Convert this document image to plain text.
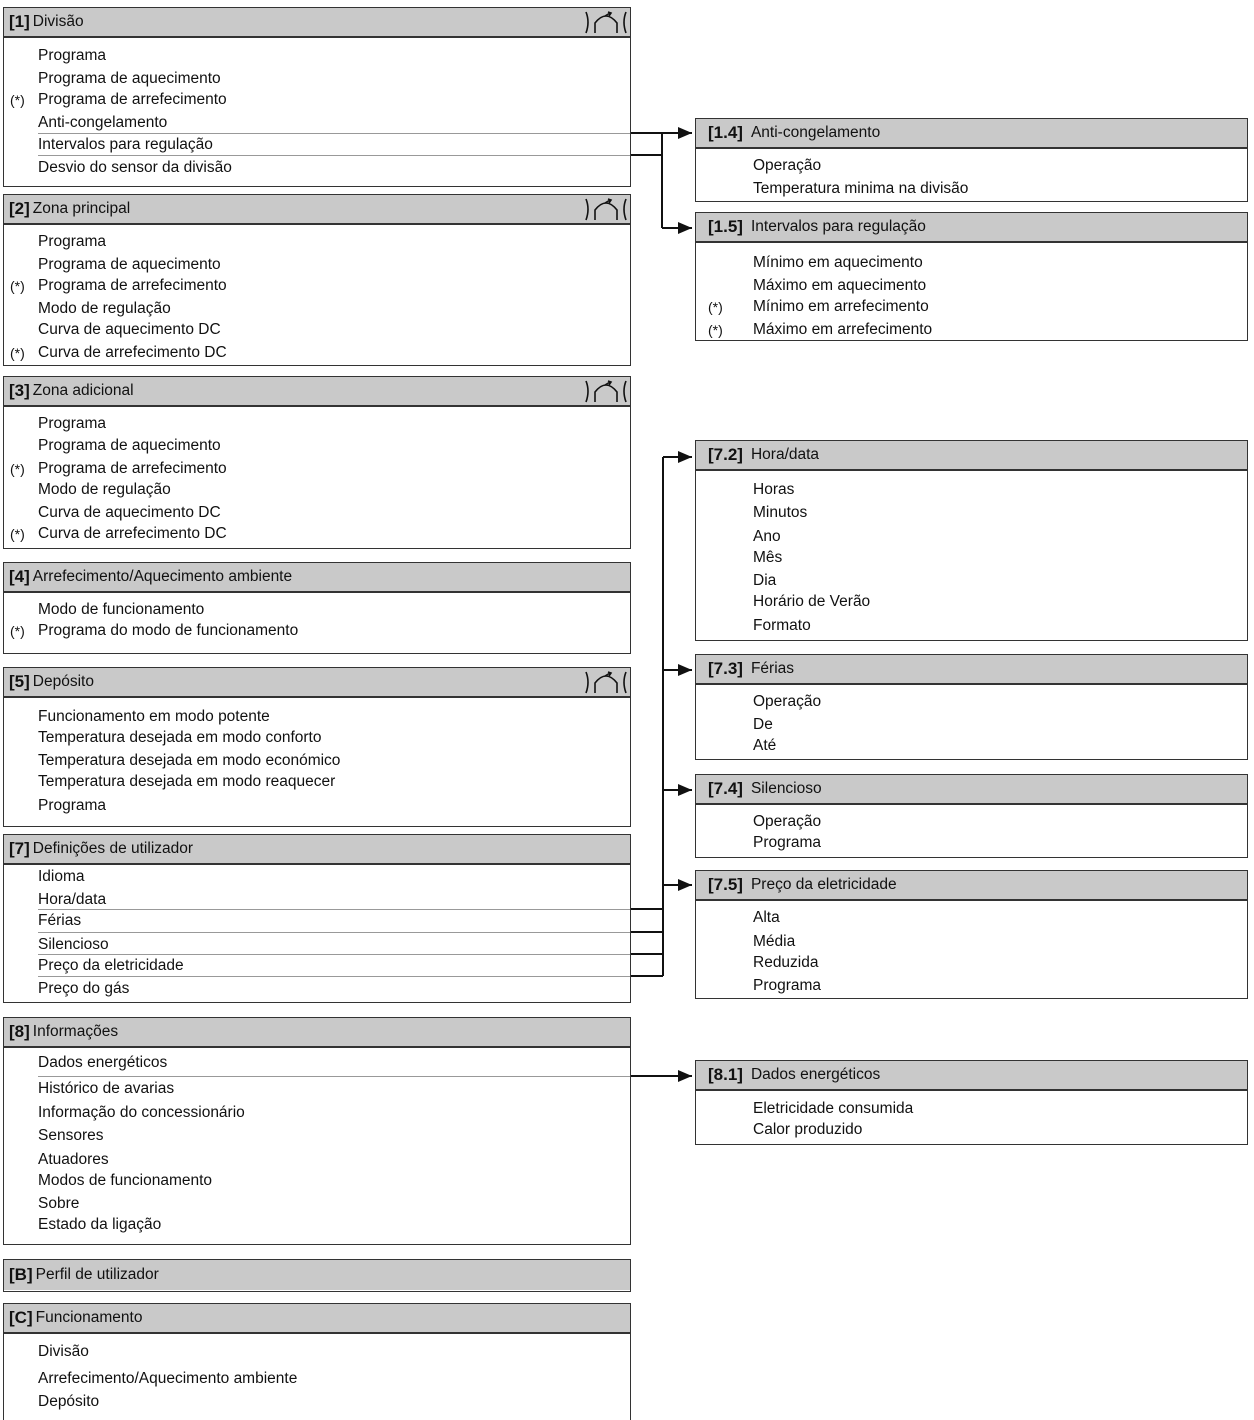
[1] Divisão
Programa
Programa de aquecimento
(*) Programa de arrefecimento
Anti-congelamento
Intervalos para regulação
Desvio do sensor da divisão
[2] Zona principal
Programa
Programa de aquecimento
(*) Programa de arrefecimento
Modo de regulação
Curva de aquecimento DC
(*) Curva de arrefecimento DC
[3] Zona adicional
Programa
Programa de aquecimento
(*) Programa de arrefecimento
Modo de regulação
Curva de aquecimento DC
(*) Curva de arrefecimento DC
[4] Arrefecimento/Aquecimento ambiente
Modo de funcionamento
(*) Programa do modo de funcionamento
[5] Depósito
Funcionamento em modo potente
Temperatura desejada em modo conforto
Temperatura desejada em modo económico
Temperatura desejada em modo reaquecer
Programa
[7] Definições de utilizador
Idioma
Hora/data
Férias
Silencioso
Preço da eletricidade
Preço do gás
[8] Informações
Dados energéticos
Histórico de avarias
Informação do concessionário
Sensores
Atuadores
Modos de funcionamento
Sobre
Estado da ligação
[B] Perfil de utilizador
[C] Funcionamento
Divisão
Arrefecimento/Aquecimento ambiente
Depósito
[1.4] Anti-congelamento
Operação
Temperatura minima na divisão
[1.5] Intervalos para regulação
Mínimo em aquecimento
Máximo em aquecimento
(*) Mínimo em arrefecimento
(*) Máximo em arrefecimento
[7.2] Hora/data
Horas
Minutos
Ano
Mês
Dia
Horário de Verão
Formato
[7.3] Férias
Operação
De
Até
[7.4] Silencioso
Operação
Programa
[7.5] Preço da eletricidade
Alta
Média
Reduzida
Programa
[8.1] Dados energéticos
Eletricidade consumida
Calor produzido
